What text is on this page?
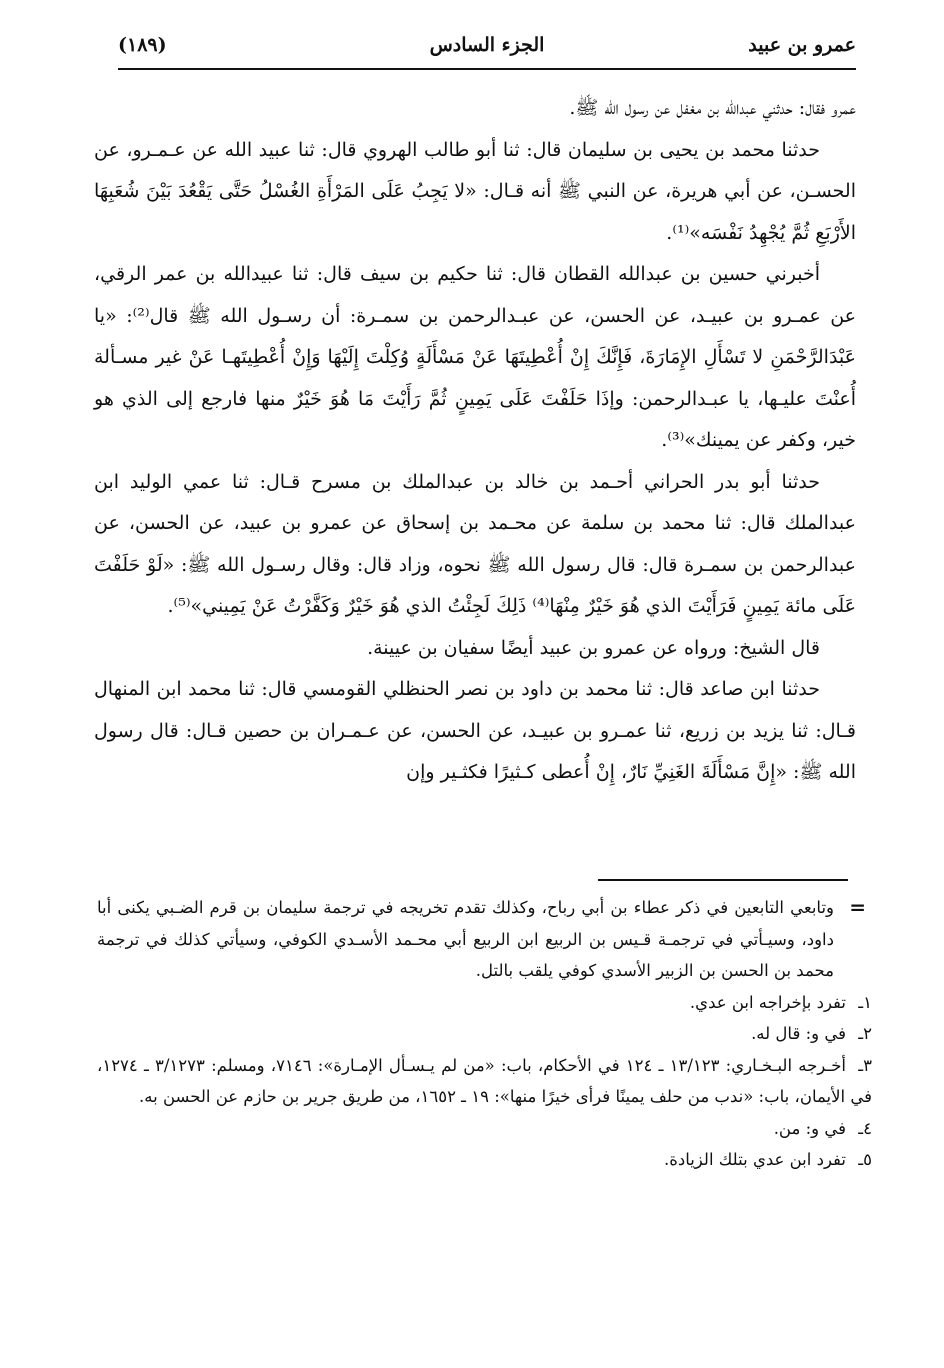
عمرو بن عبيد
الجزء السادس
(١٨٩)

عمرو فقال: حدثني عبدالله بن مغفل عن رسول الله ﷺ.

حدثنا محمد بن يحيى بن سليمان قال: ثنا أبو طالب الهروي قال: ثنا عبيد الله عن عـمـرو، عن الحسـن، عن أبي هريرة، عن النبي ﷺ أنه قـال: «لا يَجِبُ عَلَى المَرْأَةِ الغُسْلُ حَتَّى يَقْعُدَ بَيْنَ شُعَبِهَا الأَرْبَعِ ثُمَّ يُجْهِدُ نَفْسَه»⁽¹⁾.

أخبرني حسين بن عبدالله القطان قال: ثنا حكيم بن سيف قال: ثنا عبيدالله بن عمر الرقي، عن عمـرو بن عبيـد، عن الحسن، عن عبـدالرحمن بن سمـرة: أن رسـول الله ﷺ قال⁽²⁾: «يا عَبْدَالرَّحْمَنِ لا تَسْأَلِ الإِمَارَةَ، فَإِنَّكَ إِنْ أُعْطِيتَهَا عَنْ مَسْأَلَةٍ وُكِلْتَ إِلَيْهَا وَإِنْ أُعْطِيتَهـا عَنْ غير مسـألة أُعنْتَ عليـها، يا عبـدالرحمن: وإذَا حَلَفْتَ عَلَى يَمِينٍ ثُمَّ رَأَيْتَ مَا هُوَ خَيْرٌ منها فارجع إلى الذي هو خير، وكفر عن يمينك»⁽³⁾.

حدثنا أبو بدر الحراني أحـمد بن خالد بن عبدالملك بن مسرح قـال: ثنا عمي الوليد ابن عبدالملك قال: ثنا محمد بن سلمة عن محـمد بن إسحاق عن عمرو بن عبيد، عن الحسن، عن عبدالرحمن بن سمـرة قال: قال رسول الله ﷺ نحوه، وزاد قال: وقال رسـول الله ﷺ: «لَوْ حَلَفْتَ عَلَى مائة يَمِينٍ فَرَأَيْتَ الذي هُوَ خَيْرٌ مِنْهَا⁽⁴⁾ ذَلِكَ لَجِئْتُ الذي هُوَ خَيْرٌ وَكَفَّرْتُ عَنْ يَمِيني»⁽⁵⁾.

قال الشيخ: ورواه عن عمرو بن عبيد أيضًا سفيان بن عيينة.

حدثنا ابن صاعد قال: ثنا محمد بن داود بن نصر الحنظلي القومسي قال: ثنا محمد ابن المنهال قـال: ثنا يزيد بن زريع، ثنا عمـرو بن عبيـد، عن الحسن، عن عـمـران بن حصين قـال: قال رسول الله ﷺ: «إِنَّ مَسْأَلَةَ الغَنِيِّ نَارٌ، إِنْ أُعطى كـثيرًا فكثـير وإن

=
وتابعي التابعين في ذكر عطاء بن أبي رباح، وكذلك تقدم تخريجه في ترجمة سليمان بن قرم الضـبي يكنى أبا داود، وسيـأتي في ترجمـة قـيس بن الربيع ابن الربيع أبي محـمد الأسـدي الكوفي، وسيأتي كذلك في ترجمة محمد بن الحسن بن الزبير الأسدي كوفي يلقب بالتل.

١ـتفرد بإخراجه ابن عدي.

٢ـفي و: قال له.

٣ـأخـرجه البـخـاري: ١٣/١٢٣ ـ ١٢٤ في الأحكام، باب: «من لم يـسـأل الإمـارة»: ٧١٤٦، ومسلم: ٣/١٢٧٣ ـ ١٢٧٤، في الأيمان، باب: «ندب من حلف يمينًا فرأى خيرًا منها»: ١٩ ـ ١٦٥٢، من طريق جرير بن حازم عن الحسن به.

٤ـفي و: من.

٥ـتفرد ابن عدي بتلك الزيادة.
